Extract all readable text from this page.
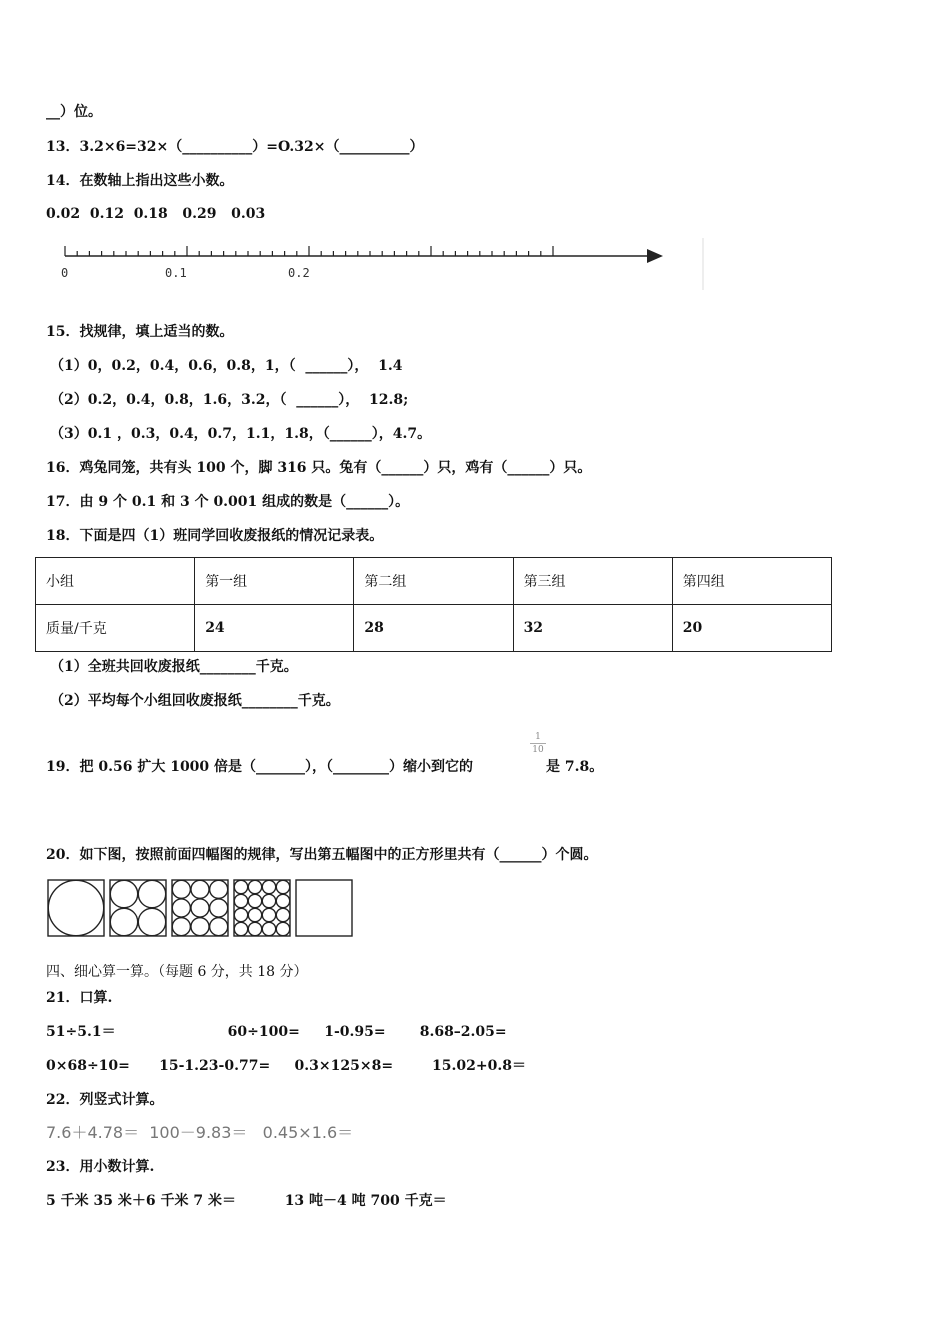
__）位。
13．3.2×6=32×（__________）=O.32×（__________）
14．在数轴上指出这些小数。
0.02  0.12  0.18   0.29   0.03
0	0.1	0.2
15．找规律，填上适当的数。
（1）0，0.2，0.4，0.6，0.8，1，（  ______），  1.4
（2）0.2，0.4，0.8，1.6，3.2，（  ______），  12.8;
（3）0.1 ，0.3，0.4，0.7，1.1，1.8，（______），4.7。
16．鸡兔同笼，共有头 100 个，脚 316 只。兔有（______）只，鸡有（______）只。
17．由 9 个 0.1 和 3 个 0.001 组成的数是（______）。
18．下面是四（1）班同学回收废报纸的情况记录表。
小组	第一组	第二组	第三组	第四组
质量/千克	24	28	32	20
（1）全班共回收废报纸________千克。
（2）平均每个小组回收废报纸________千克。
19．把 0.56 扩大 1000 倍是（_______），（________）缩小到它的
1
10
是 7.8。
20．如下图，按照前面四幅图的规律，写出第五幅图中的正方形里共有（______）个圆。
四、细心算一算。（每题 6 分，共 18 分）
21．口算.
51÷5.1＝                       60÷100=     1-0.95=       8.68–2.05=
0×68÷10=      15-1.23-0.77=     0.3×125×8=        15.02+0.8＝
22．列竖式计算。
7.6＋4.78＝  100－9.83＝   0.45×1.6＝
23．用小数计算.
5 千米 35 米＋6 千米 7 米＝          13 吨－4 吨 700 千克＝
